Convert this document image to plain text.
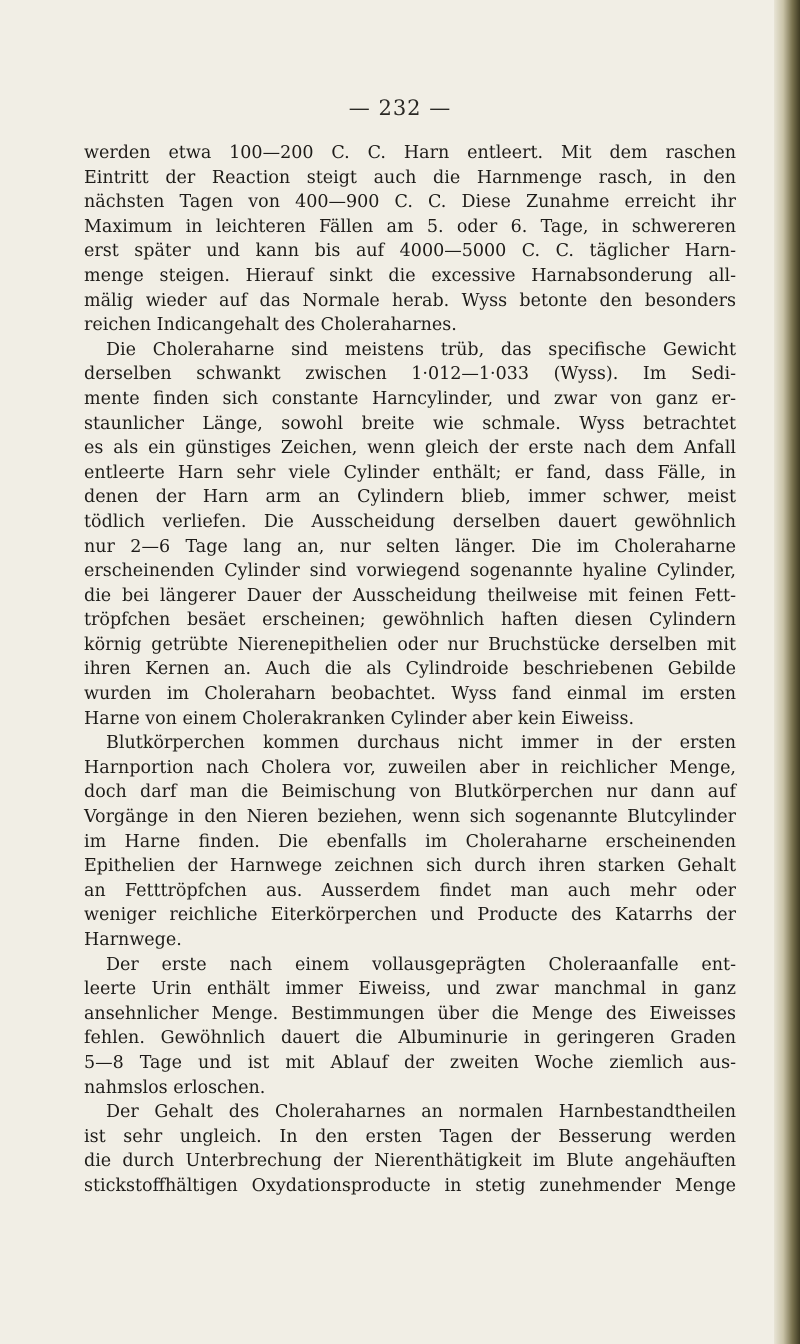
— 232 —
werden etwa 100—200 C. C. Harn entleert. Mit dem raschen
Eintritt der Reaction steigt auch die Harnmenge rasch, in den
nächsten Tagen von 400—900 C. C. Diese Zunahme erreicht ihr
Maximum in leichteren Fällen am 5. oder 6. Tage, in schwereren
erst später und kann bis auf 4000—5000 C. C. täglicher Harn-
menge steigen. Hierauf sinkt die excessive Harnabsonderung all-
mälig wieder auf das Normale herab. Wyss betonte den besonders
reichen Indicangehalt des Choleraharnes.
Die Choleraharne sind meistens trüb, das specifische Gewicht
derselben schwankt zwischen 1·012—1·033 (Wyss). Im Sedi-
mente finden sich constante Harncylinder, und zwar von ganz er-
staunlicher Länge, sowohl breite wie schmale. Wyss betrachtet
es als ein günstiges Zeichen, wenn gleich der erste nach dem Anfall
entleerte Harn sehr viele Cylinder enthält; er fand, dass Fälle, in
denen der Harn arm an Cylindern blieb, immer schwer, meist
tödlich verliefen. Die Ausscheidung derselben dauert gewöhnlich
nur 2—6 Tage lang an, nur selten länger. Die im Choleraharne
erscheinenden Cylinder sind vorwiegend sogenannte hyaline Cylinder,
die bei längerer Dauer der Ausscheidung theilweise mit feinen Fett-
tröpfchen besäet erscheinen; gewöhnlich haften diesen Cylindern
körnig getrübte Nierenepithelien oder nur Bruchstücke derselben mit
ihren Kernen an. Auch die als Cylindroide beschriebenen Gebilde
wurden im Choleraharn beobachtet. Wyss fand einmal im ersten
Harne von einem Cholerakranken Cylinder aber kein Eiweiss.
Blutkörperchen kommen durchaus nicht immer in der ersten
Harnportion nach Cholera vor, zuweilen aber in reichlicher Menge,
doch darf man die Beimischung von Blutkörperchen nur dann auf
Vorgänge in den Nieren beziehen, wenn sich sogenannte Blutcylinder
im Harne finden. Die ebenfalls im Choleraharne erscheinenden
Epithelien der Harnwege zeichnen sich durch ihren starken Gehalt
an Fetttröpfchen aus. Ausserdem findet man auch mehr oder
weniger reichliche Eiterkörperchen und Producte des Katarrhs der
Harnwege.
Der erste nach einem vollausgeprägten Choleraanfalle ent-
leerte Urin enthält immer Eiweiss, und zwar manchmal in ganz
ansehnlicher Menge. Bestimmungen über die Menge des Eiweisses
fehlen. Gewöhnlich dauert die Albuminurie in geringeren Graden
5—8 Tage und ist mit Ablauf der zweiten Woche ziemlich aus-
nahmslos erloschen.
Der Gehalt des Choleraharnes an normalen Harnbestandtheilen
ist sehr ungleich. In den ersten Tagen der Besserung werden
die durch Unterbrechung der Nierenthätigkeit im Blute angehäuften
stickstoffhältigen Oxydationsproducte in stetig zunehmender Menge
